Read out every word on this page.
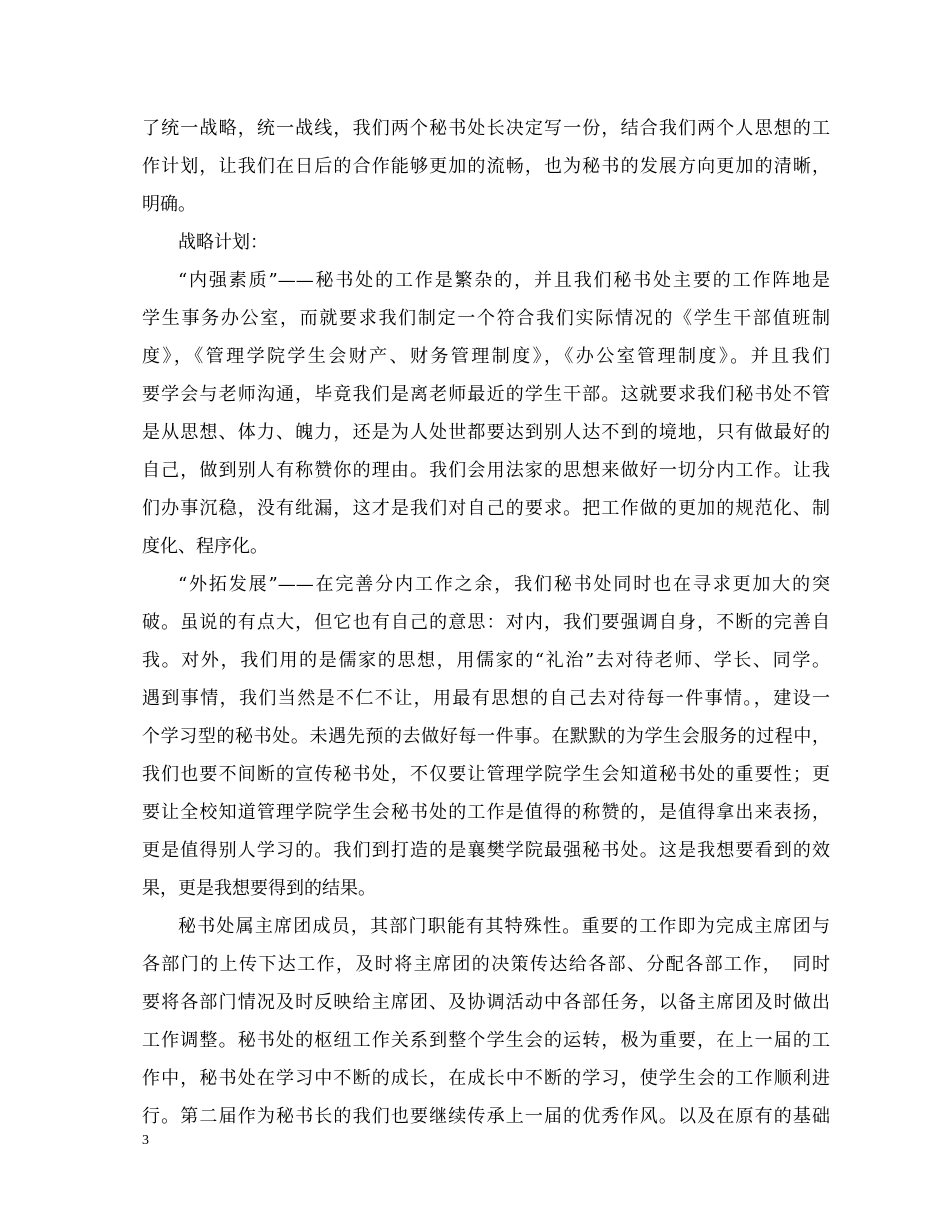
了统一战略，统一战线，我们两个秘书处长决定写一份，结合我们两个人思想的工
作计划，让我们在日后的合作能够更加的流畅，也为秘书的发展方向更加的清晰，
明确。
战略计划：
“内强素质”——秘书处的工作是繁杂的，并且我们秘书处主要的工作阵地是
学生事务办公室，而就要求我们制定一个符合我们实际情况的《学生干部值班制
度》，《管理学院学生会财产、财务管理制度》，《办公室管理制度》。并且我们
要学会与老师沟通，毕竟我们是离老师最近的学生干部。这就要求我们秘书处不管
是从思想、体力、魄力，还是为人处世都要达到别人达不到的境地，只有做最好的
自己，做到别人有称赞你的理由。我们会用法家的思想来做好一切分内工作。让我
们办事沉稳，没有纰漏，这才是我们对自己的要求。把工作做的更加的规范化、制
度化、程序化。
“外拓发展”——在完善分内工作之余，我们秘书处同时也在寻求更加大的突
破。虽说的有点大，但它也有自己的意思：对内，我们要强调自身，不断的完善自
我。对外，我们用的是儒家的思想，用儒家的“礼治”去对待老师、学长、同学。
遇到事情，我们当然是不仁不让，用最有思想的自己去对待每一件事情。，建设一
个学习型的秘书处。未遇先预的去做好每一件事。在默默的为学生会服务的过程中，
我们也要不间断的宣传秘书处，不仅要让管理学院学生会知道秘书处的重要性；更
要让全校知道管理学院学生会秘书处的工作是值得的称赞的，是值得拿出来表扬，
更是值得别人学习的。我们到打造的是襄樊学院最强秘书处。这是我想要看到的效
果，更是我想要得到的结果。
秘书处属主席团成员，其部门职能有其特殊性。重要的工作即为完成主席团与
各部门的上传下达工作，及时将主席团的决策传达给各部、分配各部工作，　同时
要将各部门情况及时反映给主席团、及协调活动中各部任务，以备主席团及时做出
工作调整。秘书处的枢纽工作关系到整个学生会的运转，极为重要，在上一届的工
作中，秘书处在学习中不断的成长，在成长中不断的学习，使学生会的工作顺利进
行。第二届作为秘书长的我们也要继续传承上一届的优秀作风。以及在原有的基础
3
